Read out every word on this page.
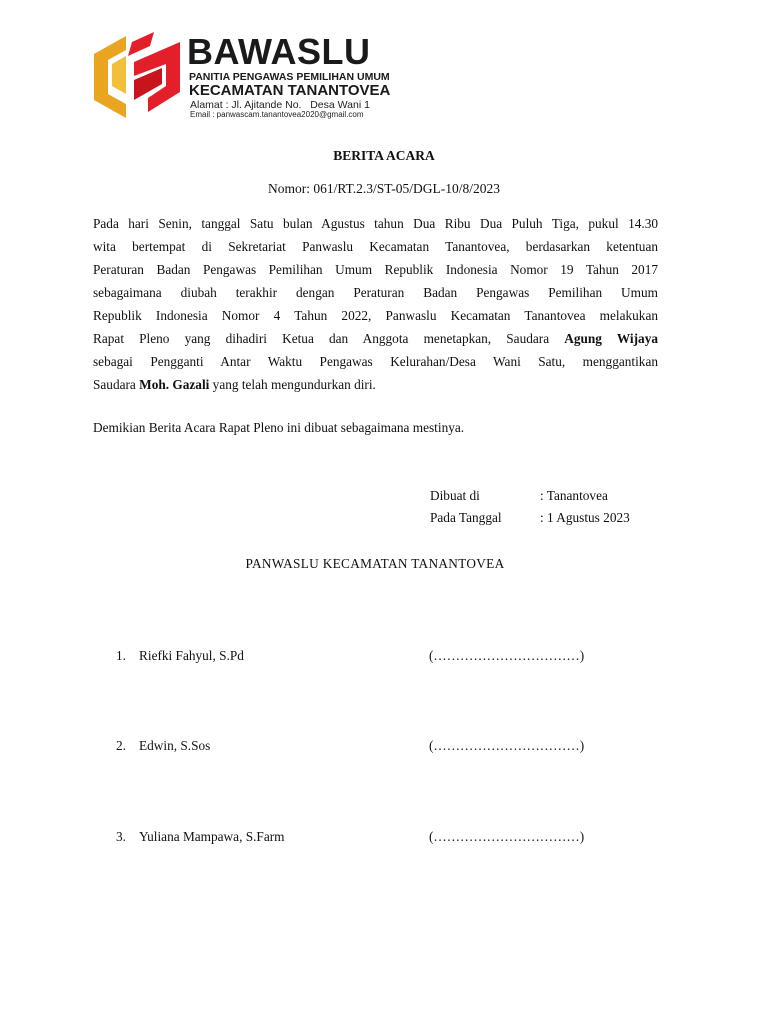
BAWASLU
PANITIA PENGAWAS PEMILIHAN UMUM
KECAMATAN TANANTOVEA
Alamat : Jl. Ajitande No.   Desa Wani 1
Email : panwascam.tanantovea2020@gmail.com
BERITA ACARA
Nomor: 061/RT.2.3/ST-05/DGL-10/8/2023
Pada hari Senin, tanggal Satu bulan Agustus tahun Dua Ribu Dua Puluh Tiga, pukul 14.30
wita bertempat di Sekretariat Panwaslu Kecamatan Tanantovea, berdasarkan ketentuan
Peraturan Badan Pengawas Pemilihan Umum Republik Indonesia Nomor 19 Tahun 2017
sebagaimana diubah terakhir dengan Peraturan Badan Pengawas Pemilihan Umum
Republik Indonesia Nomor 4 Tahun 2022, Panwaslu Kecamatan Tanantovea melakukan
Rapat Pleno yang dihadiri Ketua dan Anggota menetapkan, Saudara Agung Wijaya
sebagai Pengganti Antar Waktu Pengawas Kelurahan/Desa Wani Satu, menggantikan
Saudara Moh. Gazali yang telah mengundurkan diri.
Demikian Berita Acara Rapat Pleno ini dibuat sebagaimana mestinya.
Dibuat di	: Tanantovea
Pada Tanggal	: 1 Agustus 2023
PANWASLU KECAMATAN TANANTOVEA
1. Riefki Fahyul, S.Pd	(……………………………)
2. Edwin, S.Sos	(……………………………)
3. Yuliana Mampawa, S.Farm	(……………………………)
